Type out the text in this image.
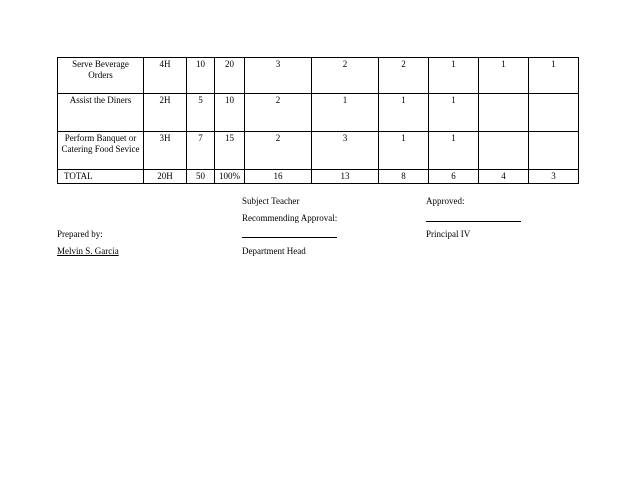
Serve Beverage Orders	4H	10	20	3	2	2	1	1	1
Assist the Diners	2H	5	10	2	1	1	1		
Perform Banquet or Catering Food Sevice	3H	7	15	2	3	1	1		
TOTAL	20H	50	100%	16	13	8	6	4	3
Subject Teacher	Approved:
Recommending Approval:
Prepared by:	Principal IV
Melvin S. Garcia	Department Head
